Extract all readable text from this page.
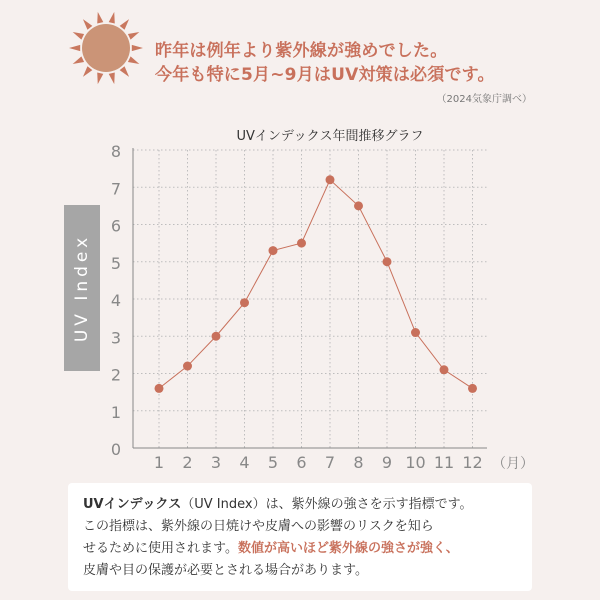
昨年は例年より紫外線が強めでした。
今年も特に5月~9月はUV対策は必須です。
（2024気象庁調べ）
UVインデックス年間推移グラフ
UV Index
0
1
2
3
4
5
6
7
8
1 2 3 4 5 6 7 8 9 10 11 12 （月）
UVインデックス（UV Index）は、紫外線の強さを示す指標です。
この指標は、紫外線の日焼けや皮膚への影響のリスクを知ら
せるために使用されます。数値が高いほど紫外線の強さが強く、
皮膚や目の保護が必要とされる場合があります。
